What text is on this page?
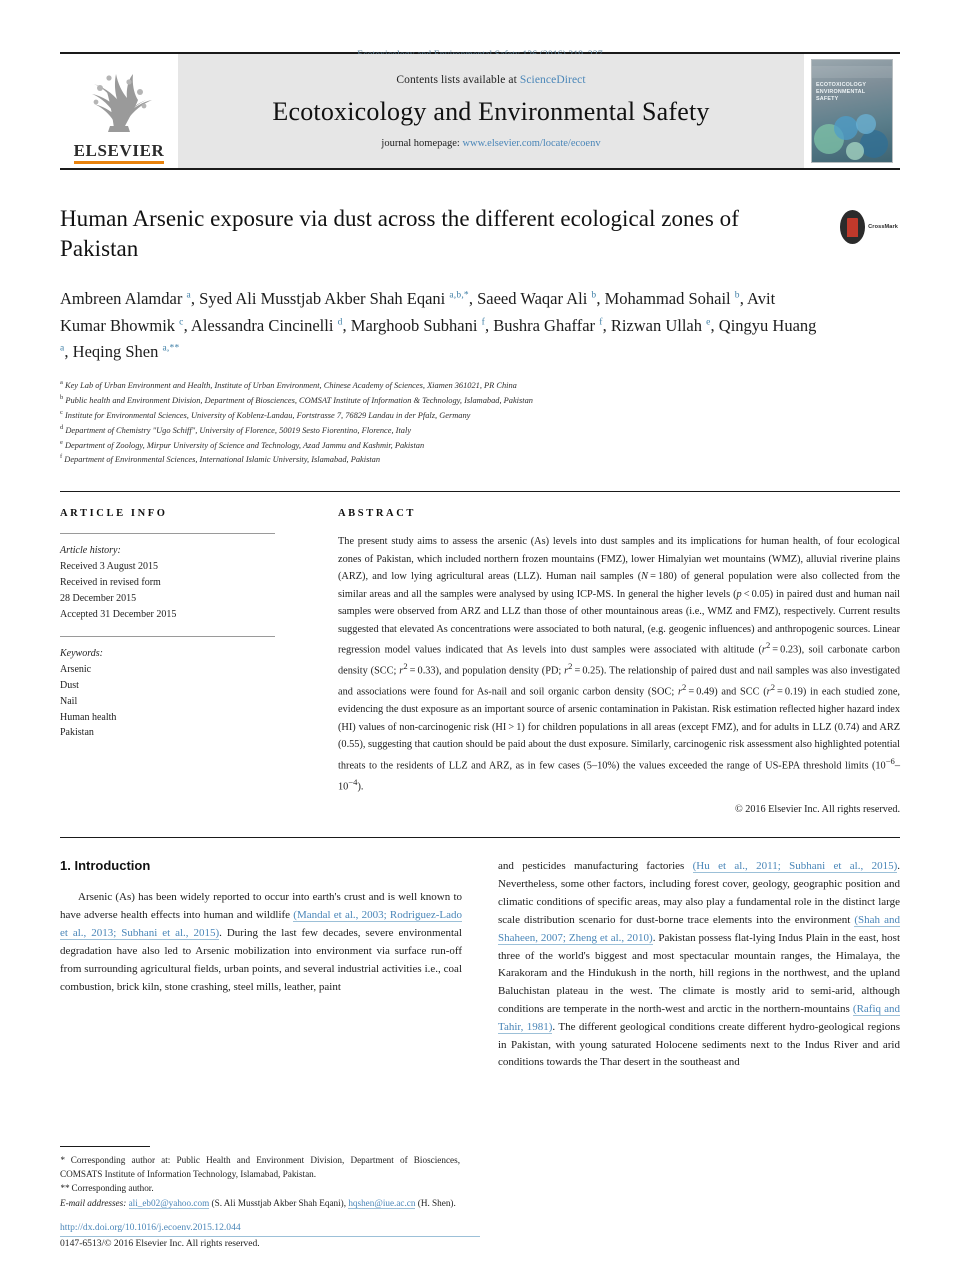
ELSEVIER
Contents lists available at ScienceDirect
Ecotoxicology and Environmental Safety
journal homepage: www.elsevier.com/locate/ecoenv
ECOTOXICOLOGY ENVIRONMENTAL SAFETY
Human Arsenic exposure via dust across the different ecological zones of Pakistan
CrossMark
Ambreen Alamdar $^a$, Syed Ali Musstjab Akber Shah Eqani $^{a,b,*}$, Saeed Waqar Ali $^b$, Mohammad Sohail $^b$, Avit Kumar Bhowmik $^c$, Alessandra Cincinelli $^d$, Marghoob Subhani $^f$, Bushra Ghaffar $^f$, Rizwan Ullah $^e$, Qingyu Huang $^a$, Heqing Shen $^{a,**}$
$^a$ Key Lab of Urban Environment and Health, Institute of Urban Environment, Chinese Academy of Sciences, Xiamen 361021, PR China
$^b$ Public health and Environment Division, Department of Biosciences, COMSAT Institute of Information & Technology, Islamabad, Pakistan
$^c$ Institute for Environmental Sciences, University of Koblenz-Landau, Fortstrasse 7, 76829 Landau in der Pfalz, Germany
$^d$ Department of Chemistry "Ugo Schiff", University of Florence, 50019 Sesto Fiorentino, Florence, Italy
$^e$ Department of Zoology, Mirpur University of Science and Technology, Azad Jammu and Kashmir, Pakistan
$^f$ Department of Environmental Sciences, International Islamic University, Islamabad, Pakistan
ARTICLE INFO
Article history:
Received 3 August 2015
Received in revised form
28 December 2015
Accepted 31 December 2015
Keywords:
Arsenic
Dust
Nail
Human health
Pakistan
ABSTRACT
The present study aims to assess the arsenic (As) levels into dust samples and its implications for human health, of four ecological zones of Pakistan, which included northern frozen mountains (FMZ), lower Himalyian wet mountains (WMZ), alluvial riverine plains (ARZ), and low lying agricultural areas (LLZ). Human nail samples (N = 180) of general population were also collected from the similar areas and all the samples were analysed by using ICP-MS. In general the higher levels (p < 0.05) in paired dust and human nail samples were observed from ARZ and LLZ than those of other mountainous areas (i.e., WMZ and FMZ), respectively. Current results suggested that elevated As concentrations were associated to both natural, (e.g. geogenic influences) and anthropogenic sources. Linear regression model values indicated that As levels into dust samples were associated with altitude $(r^2 = 0.23)$, soil carbonate carbon density (SCC; $r^2 = 0.33$), and population density (PD; $r^2 = 0.25$). The relationship of paired dust and nail samples was also investigated and associations were found for As-nail and soil organic carbon density (SOC; $r^2 = 0.49$) and SCC $(r^2 = 0.19)$ in each studied zone, evidencing the dust exposure as an important source of arsenic contamination in Pakistan. Risk estimation reflected higher hazard index (HI) values of non-carcinogenic risk (HI > 1) for children populations in all areas (except FMZ), and for adults in LLZ (0.74) and ARZ (0.55), suggesting that caution should be paid about the dust exposure. Similarly, carcinogenic risk assessment also highlighted potential threats to the residents of LLZ and ARZ, as in few cases (5–10%) the values exceeded the range of US-EPA threshold limits $(10^{-6}-10^{-4})$.
© 2016 Elsevier Inc. All rights reserved.
1. Introduction

Arsenic (As) has been widely reported to occur into earth's crust and is well known to have adverse health effects into human and wildlife (Mandal et al., 2003; Rodriguez-Lado et al., 2013; Subhani et al., 2015). During the last few decades, severe environmental degradation have also led to Arsenic mobilization into environment via surface run-off from surrounding agricultural fields, urban points, and several industrial activities i.e., coal combustion, brick kiln, stone crashing, steel mills, leather, paint

and pesticides manufacturing factories (Hu et al., 2011; Subhani et al., 2015). Nevertheless, some other factors, including forest cover, geology, geographic position and climatic conditions of specific areas, may also play a fundamental role in the distinct large scale distribution scenario for dust-borne trace elements into the environment (Shah and Shaheen, 2007; Zheng et al., 2010). Pakistan possess flat-lying Indus Plain in the east, host three of the world's biggest and most spectacular mountain ranges, the Himalaya, the Karakoram and the Hindukush in the north, hill regions in the northwest, and the upland Baluchistan plateau in the west. The climate is mostly arid to semi-arid, although conditions are temperate in the north-west and arctic in the northern-mountains (Rafiq and Tahir, 1981). The different geological conditions create different hydro-geological regions in Pakistan, with young saturated Holocene sediments next to the Indus River and arid conditions towards the Thar desert in the southeast and

* Corresponding author at: Public Health and Environment Division, Department of Biosciences, COMSATS Institute of Information Technology, Islamabad, Pakistan.

** Corresponding author.

E-mail addresses: ali_eb02@yahoo.com (S. Ali Musstjab Akber Shah Eqani), hqshen@iue.ac.cn (H. Shen).

http://dx.doi.org/10.1016/j.ecoenv.2015.12.044
0147-6513/© 2016 Elsevier Inc. All rights reserved.
